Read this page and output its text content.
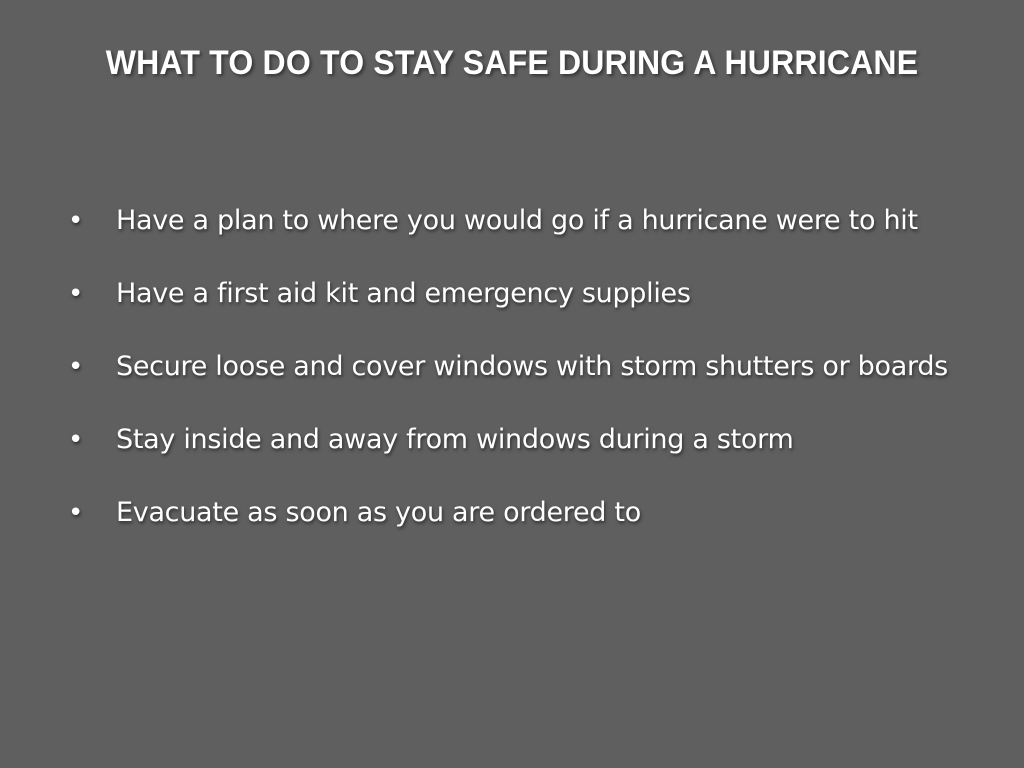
WHAT TO DO TO STAY SAFE DURING A HURRICANE
•	Have a plan to where you would go if a hurricane were to hit
•	Have a first aid kit and emergency supplies
•	Secure loose and cover windows with storm shutters or boards
•	Stay inside and away from windows during a storm
•	Evacuate as soon as you are ordered to
